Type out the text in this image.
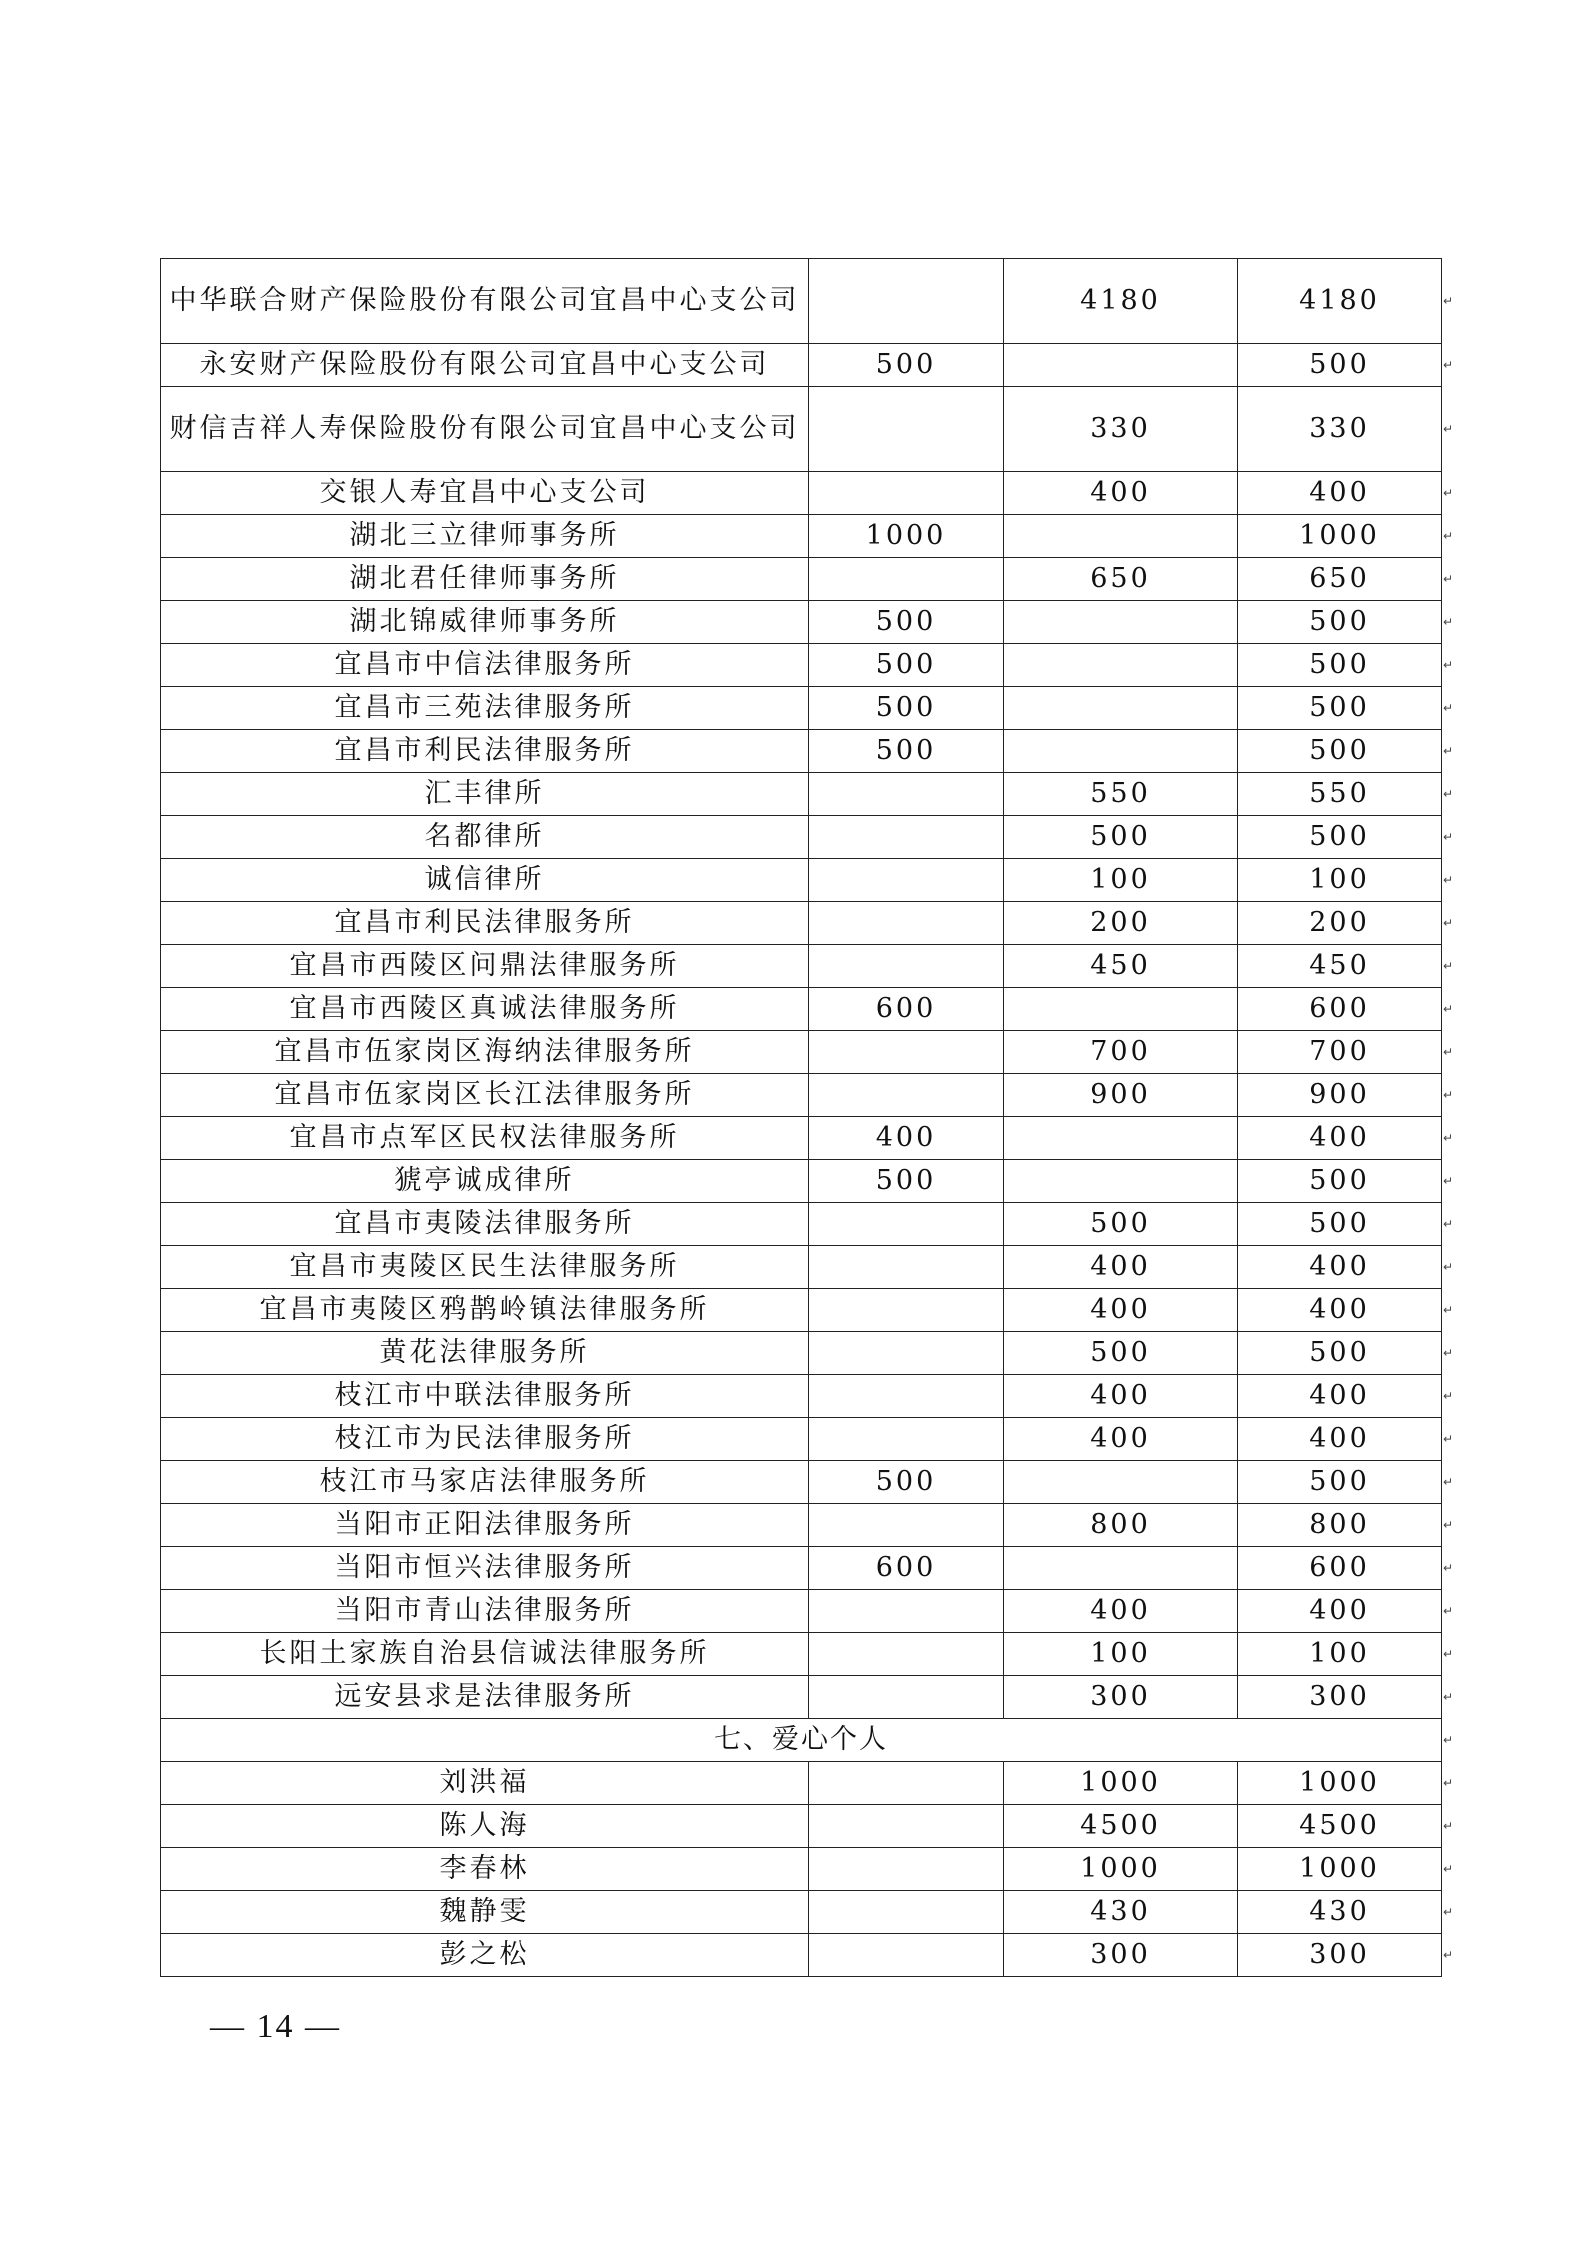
中华联合财产保险股份有限公司宜昌中心支公司		4180	4180
永安财产保险股份有限公司宜昌中心支公司	500		500
财信吉祥人寿保险股份有限公司宜昌中心支公司		330	330
交银人寿宜昌中心支公司		400	400
湖北三立律师事务所	1000		1000
湖北君任律师事务所		650	650
湖北锦威律师事务所	500		500
宜昌市中信法律服务所	500		500
宜昌市三苑法律服务所	500		500
宜昌市利民法律服务所	500		500
汇丰律所		550	550
名都律所		500	500
诚信律所		100	100
宜昌市利民法律服务所		200	200
宜昌市西陵区问鼎法律服务所		450	450
宜昌市西陵区真诚法律服务所	600		600
宜昌市伍家岗区海纳法律服务所		700	700
宜昌市伍家岗区长江法律服务所		900	900
宜昌市点军区民权法律服务所	400		400
猇亭诚成律所	500		500
宜昌市夷陵法律服务所		500	500
宜昌市夷陵区民生法律服务所		400	400
宜昌市夷陵区鸦鹊岭镇法律服务所		400	400
黄花法律服务所		500	500
枝江市中联法律服务所		400	400
枝江市为民法律服务所		400	400
枝江市马家店法律服务所	500		500
当阳市正阳法律服务所		800	800
当阳市恒兴法律服务所	600		600
当阳市青山法律服务所		400	400
长阳土家族自治县信诚法律服务所		100	100
远安县求是法律服务所		300	300
七、爱心个人			
刘洪福		1000	1000
陈人海		4500	4500
李春林		1000	1000
魏静雯		430	430
彭之松		300	300
— 14 —
↵
↵
↵
↵
↵
↵
↵
↵
↵
↵
↵
↵
↵
↵
↵
↵
↵
↵
↵
↵
↵
↵
↵
↵
↵
↵
↵
↵
↵
↵
↵
↵
↵
↵
↵
↵
↵
↵
